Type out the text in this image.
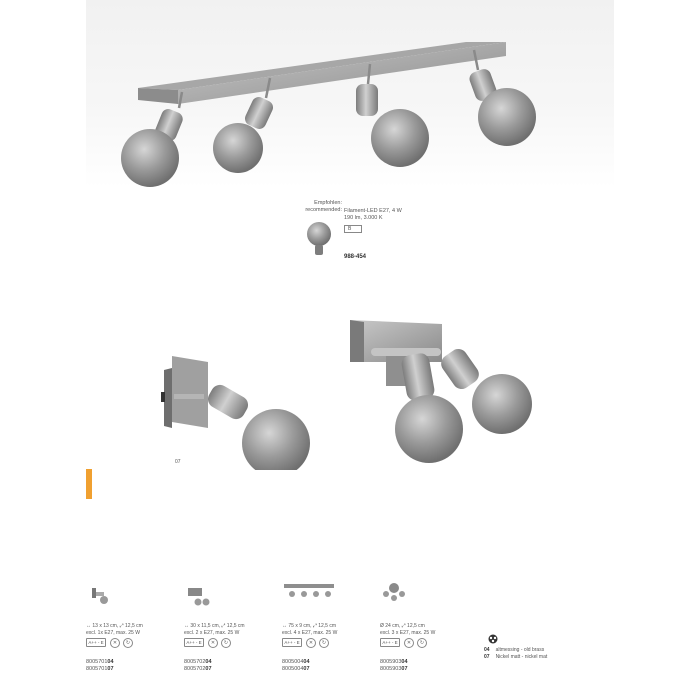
Empfohlen:
recommended: Filament-LED E27, 4 W
190 lm, 3.000 K
B
988-454
07
↔ 13 x 13 cm, ⤢ 12,5 cm
excl. 1x E27, max. 25 W
A++ - E	✕	↻
800570104
800570107
↔ 30 x 11,5 cm, ⤢ 12,5 cm
excl. 2 x E27, max. 25 W
A++ - E	✕	↻
800570204
800570207
↔ 75 x 9 cm, ⤢ 12,5 cm
excl. 4 x E27, max. 25 W
A++ - E	✕	↻
800500404
800500407
Ø 24 cm, ⤢ 12,5 cm
excl. 3 x E27, max. 25 W
A++ - E	✕	↻
800590304
800590307
04 altmessing - old brass
07 Nickel matt - nickel mat
